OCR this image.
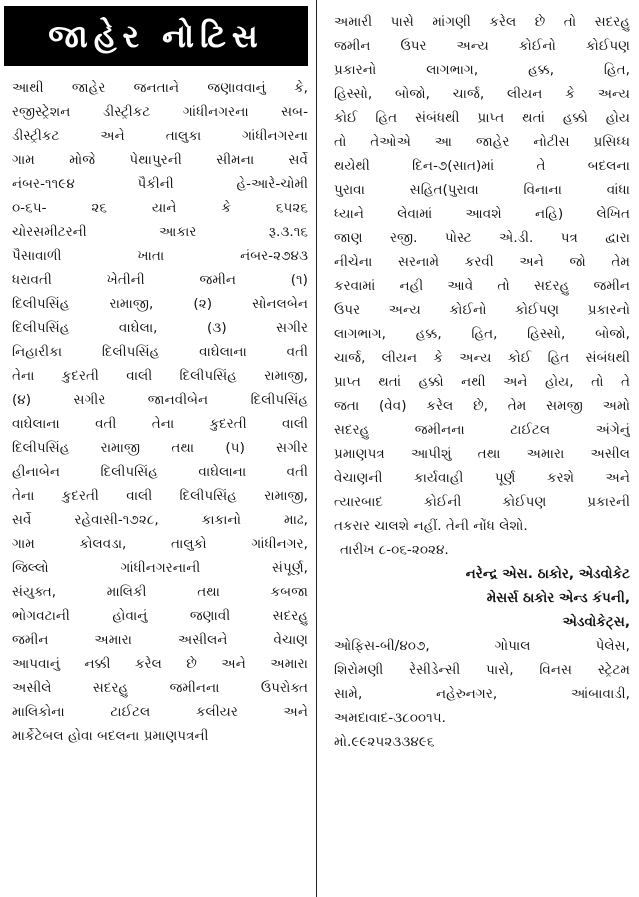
જાહેર નોટિસ
આથી જાહેર જનતાને જણાવવાનું કે,
રજીસ્ટ્રેશન ડીસ્ટ્રીકટ ગાંધીનગરના સબ-
ડીસ્ટ્રીકટ અને તાલુકા ગાંધીનગરના
ગામ મોજે પેથાપુરની સીમના સર્વે
નંબર-૧૧૯૪ પૈકીની હે-આરે-ચોમી
૦-૬૫- ૨૬ યાને કે ૬૫૨૬
ચોરસમીટરની આકાર રૂ.૩.૧૬
પૈસાવાળી ખાતા નંબર-૨૭૪૩
ધરાવતી ખેતીની જમીન (૧)
દિલીપસિંહ રામાજી, (૨) સોનલબેન
દિલીપસિંહ વાઘેલા, (૩) સગીર
નિહારીકા દિલીપસિંહ વાઘેલાના વતી
તેના કુદરતી વાલી દિલીપસિંહ રામાજી,
(૪) સગીર જાનવીબેન દિલીપસિંહ
વાઘેલાના વતી તેના કુદરતી વાલી
દિલીપસિંહ રામાજી તથા (૫) સગીર
હીનાબેન દિલીપસિંહ વાઘેલાના વતી
તેના કુદરતી વાલી દિલીપસિંહ રામાજી,
સર્વે રહેવાસી-૧૭૨૮, કાકાનો માઢ,
ગામ કોલવડા, તાલુકો ગાંધીનગર,
જિલ્લો ગાંધીનગરનાની સંપૂર્ણ,
સંયુક્ત, માલિકી તથા કબજા
ભોગવટાની હોવાનું જણાવી સદરહુ
જમીન અમારા અસીલને વેચાણ
આપવાનું નક્કી કરેલ છે અને અમારા
અસીલે સદરહુ જમીનના ઉપરોક્ત
માલિકોના ટાઈટલ કલીયર અને
માર્કેટેબલ હોવા બદલના પ્રમાણપત્રની
અમારી પાસે માંગણી કરેલ છે તો સદરહુ
જમીન ઉપર અન્ય કોઈનો કોઈપણ
પ્રકારનો લાગભાગ, હક્ક, હિત,
હિસ્સો, બોજો, ચાર્જ, લીયન કે અન્ય
કોઈ હિત સંબંધથી પ્રાપ્ત થતાં હક્કો હોય
તો તેઓએ આ જાહેર નોટીસ પ્રસિધ્ધ
થયેથી દિન-૭(સાત)માં તે બદલના
પુરાવા સહિત(પુરાવા વિનાના વાંધા
ધ્યાને લેવામાં આવશે નહિ) લેખિત
જાણ રજી. પોસ્ટ એ.ડી. પત્ર દ્વારા
નીચેના સરનામે કરવી અને જો તેમ
કરવામાં નહી આવે તો સદરહુ જમીન
ઉપર અન્ય કોઈનો કોઈપણ પ્રકારનો
લાગભાગ, હક્ક, હિત, હિસ્સો, બોજો,
ચાર્જ, લીયન કે અન્ય કોઈ હિત સંબંધથી
પ્રાપ્ત થતાં હક્કો નથી અને હોય, તો તે
જતા (વેવ) કરેલ છે, તેમ સમજી અમો
સદરહુ જમીનના ટાઈટલ અંગેનું
પ્રમાણપત્ર આપીશું તથા અમારા અસીલ
વેચાણની કાર્યવાહી પૂર્ણ કરશે અને
ત્યારબાદ કોઈની કોઈપણ પ્રકારની
તકરાર ચાલશે નહીં. તેની નોંધ લેશો.
તારીખ ૮-૦૬-૨૦૨૪.
નરેન્દ્ર એસ. ઠાકોર, એડવોકેટ
મેસર્સ ઠાકોર એન્ડ કંપની,
એડવોકેટ્સ,
ઓફિસ-બી/૪૦૭, ગોપાલ પેલેસ,
શિરોમણી રેસીડેન્સી પાસે, વિનસ સ્ટ્રેટમ
સામે, નહેરુનગર, આંબાવાડી,
અમદાવાદ-૩૮૦૦૧૫.
મો.૯૯૨૫૨૩૩૪૯૬
